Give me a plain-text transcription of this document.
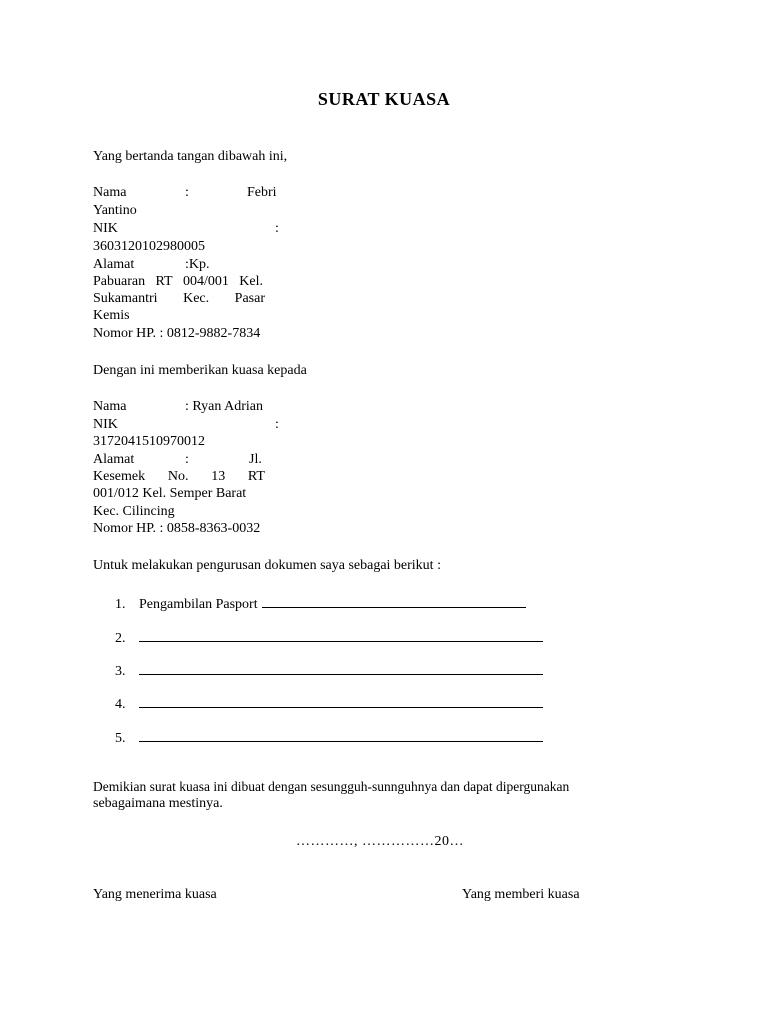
SURAT KUASA
Yang bertanda tangan dibawah ini,
Nama	:	Febri
Yantino
NIK	:
3603120102980005
Alamat	:Kp.
Pabuaran RT 004/001 Kel.
Sukamantri Kec. Pasar
Kemis
Nomor HP. : 0812-9882-7834
Dengan ini memberikan kuasa kepada
Nama	: Ryan Adrian
NIK	:
3172041510970012
Alamat	:	Jl.
Kesemek No. 13 RT
001/012 Kel. Semper Barat
Kec. Cilincing
Nomor HP. : 0858-8363-0032
Untuk melakukan pengurusan dokumen saya sebagai berikut :
1. Pengambilan Pasport
2.
3.
4.
5.
Demikian surat kuasa ini dibuat dengan sesungguh-sunnguhnya dan dapat dipergunakan
sebagaimana mestinya.
…………, ……………20…
Yang menerima kuasa	Yang memberi kuasa
